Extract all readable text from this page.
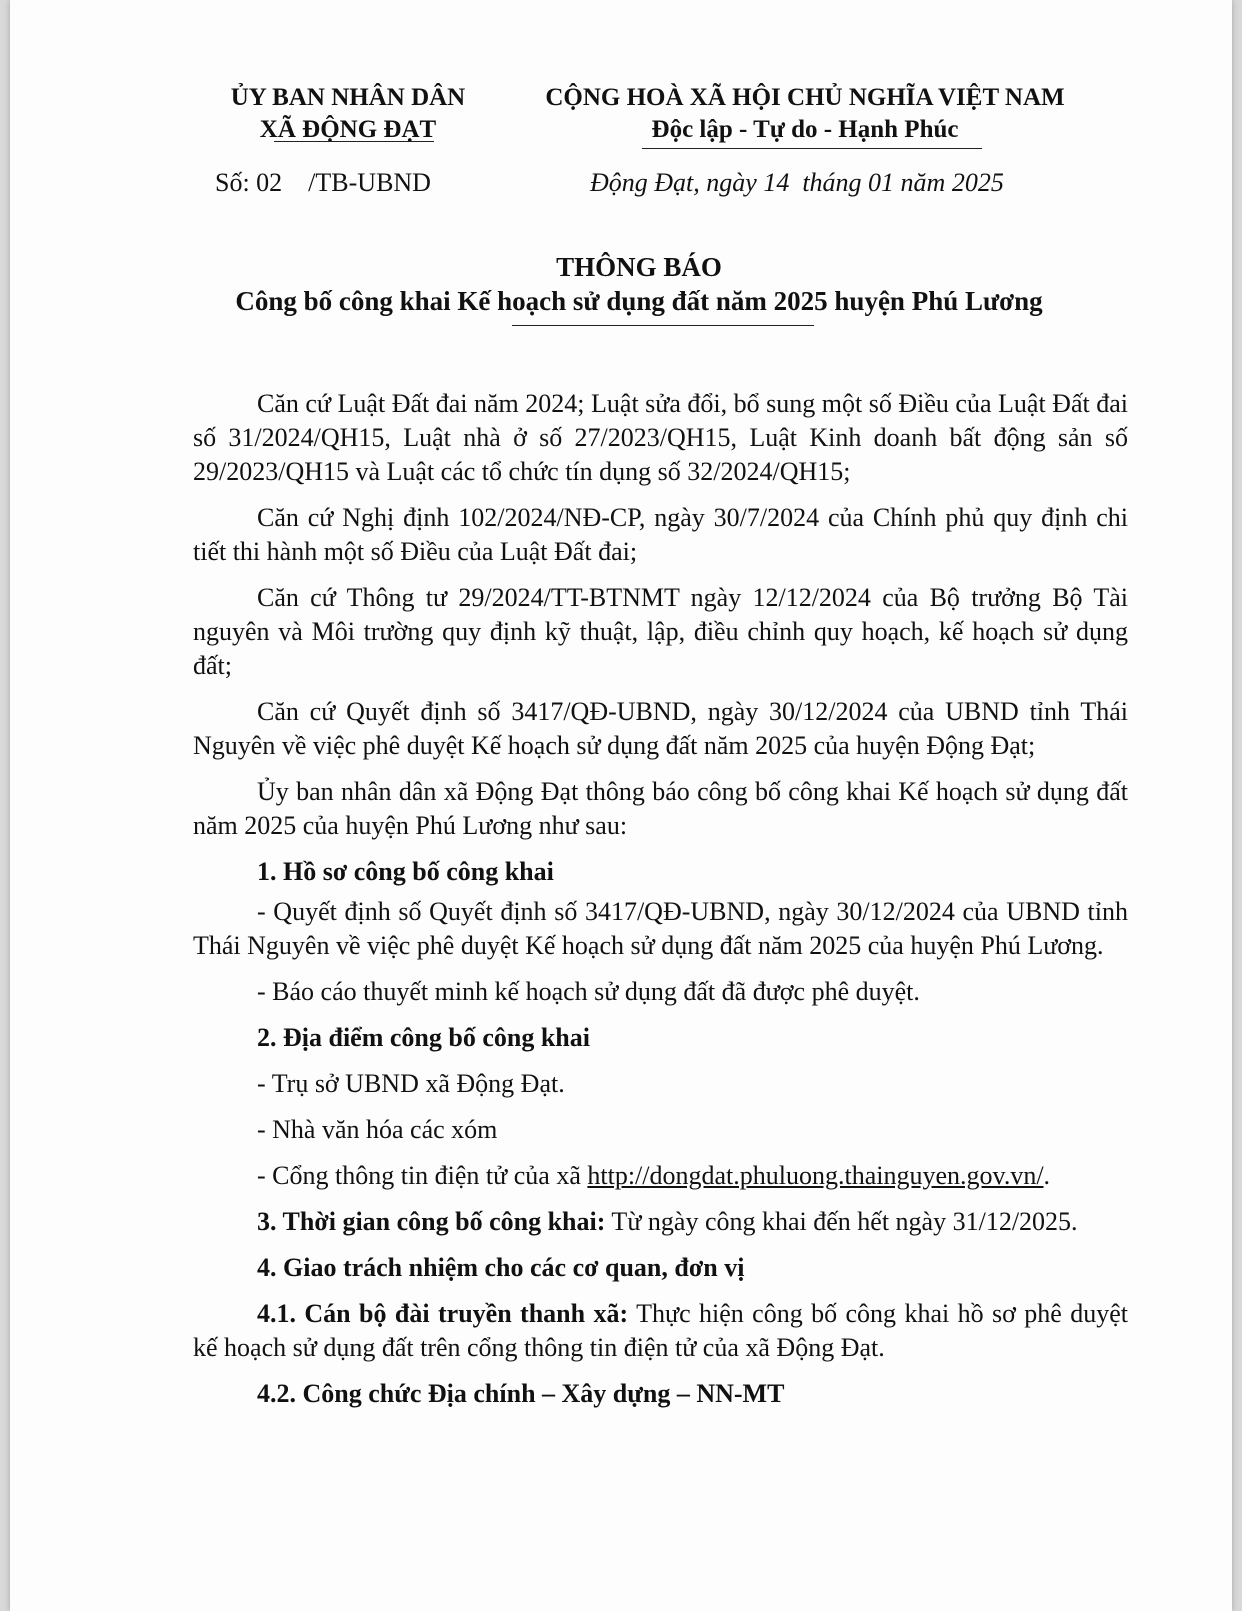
ỦY BAN NHÂN DÂN
XÃ ĐỘNG ĐẠT
CỘNG HOÀ XÃ HỘI CHỦ NGHĨA VIỆT NAM
Độc lập - Tự do - Hạnh Phúc
Số: 02    /TB-UBND	Động Đạt, ngày 14  tháng 01 năm 2025
THÔNG BÁO
Công bố công khai Kế hoạch sử dụng đất năm 2025 huyện Phú Lương

Căn cứ Luật Đất đai năm 2024; Luật sửa đổi, bổ sung một số Điều của Luật Đất đai số 31/2024/QH15, Luật nhà ở số 27/2023/QH15, Luật Kinh doanh bất động sản số 29/2023/QH15 và Luật các tổ chức tín dụng số 32/2024/QH15;

Căn cứ Nghị định 102/2024/NĐ-CP, ngày 30/7/2024 của Chính phủ quy định chi tiết thi hành một số Điều của Luật Đất đai;

Căn cứ Thông tư 29/2024/TT-BTNMT ngày 12/12/2024 của Bộ trưởng Bộ Tài nguyên và Môi trường quy định kỹ thuật, lập, điều chỉnh quy hoạch, kế hoạch sử dụng đất;

Căn cứ Quyết định số 3417/QĐ-UBND, ngày 30/12/2024 của UBND tỉnh Thái Nguyên về việc phê duyệt Kế hoạch sử dụng đất năm 2025 của huyện Động Đạt;

Ủy ban nhân dân xã Động Đạt thông báo công bố công khai Kế hoạch sử dụng đất năm 2025 của huyện Phú Lương như sau:

1. Hồ sơ công bố công khai

- Quyết định số Quyết định số 3417/QĐ-UBND, ngày 30/12/2024 của UBND tỉnh Thái Nguyên về việc phê duyệt Kế hoạch sử dụng đất năm 2025 của huyện Phú Lương.

- Báo cáo thuyết minh kế hoạch sử dụng đất đã được phê duyệt.

2. Địa điểm công bố công khai

- Trụ sở UBND xã Động Đạt.

- Nhà văn hóa các xóm

- Cổng thông tin điện tử của xã http://dongdat.phuluong.thainguyen.gov.vn/.

3. Thời gian công bố công khai: Từ ngày công khai đến hết ngày 31/12/2025.

4. Giao trách nhiệm cho các cơ quan, đơn vị

4.1. Cán bộ đài truyền thanh xã: Thực hiện công bố công khai hồ sơ phê duyệt kế hoạch sử dụng đất trên cổng thông tin điện tử của xã Động Đạt.

4.2. Công chức Địa chính – Xây dựng – NN-MT
